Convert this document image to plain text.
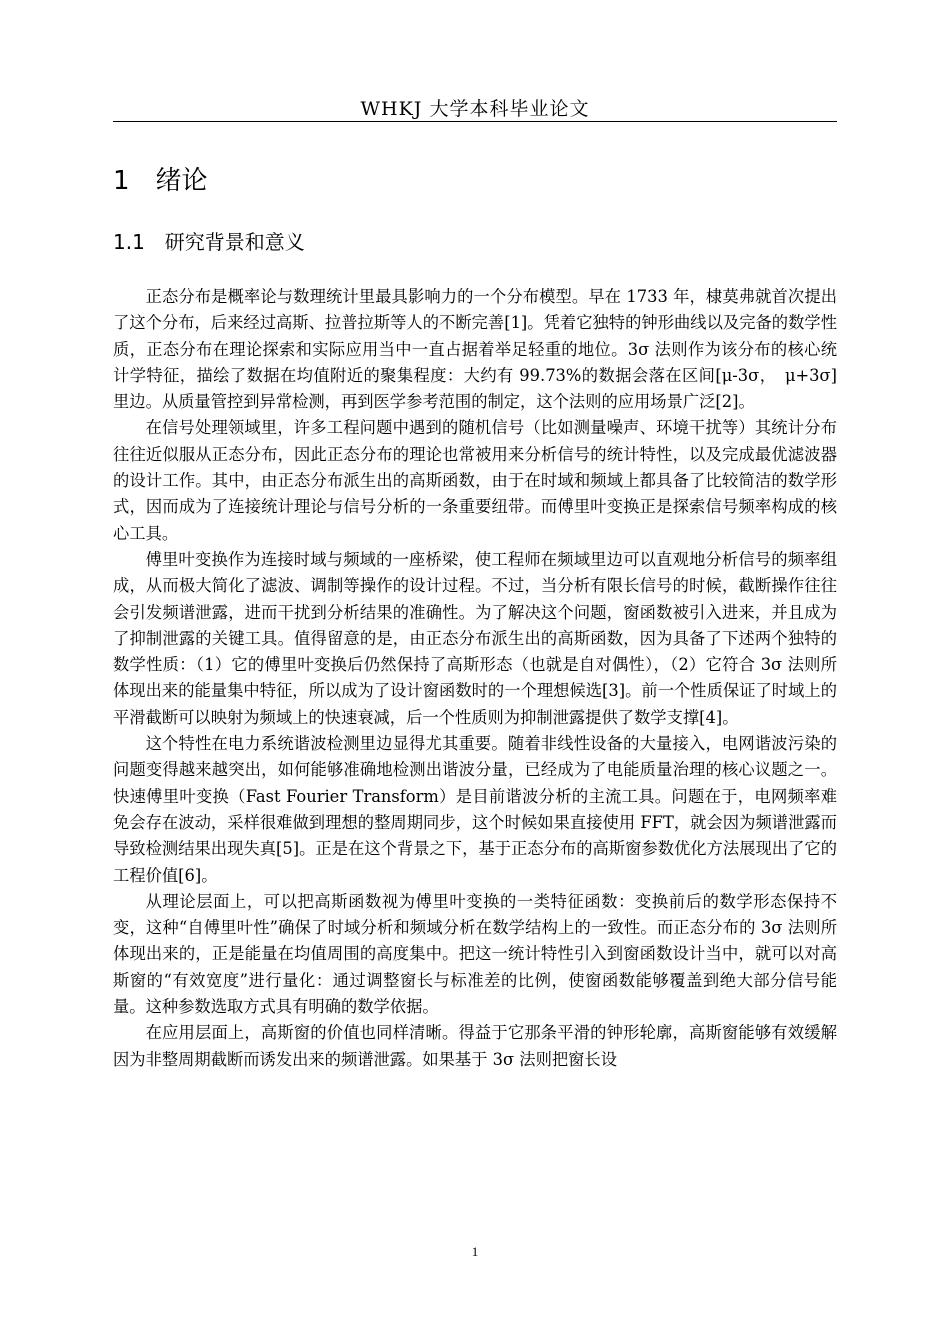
WHKJ 大学本科毕业论文
1　绪论
1.1　研究背景和意义

正态分布是概率论与数理统计里最具影响力的一个分布模型。早在 1733 年，棣莫弗就首次提出了这个分布，后来经过高斯、拉普拉斯等人的不断完善[1]。凭着它独特的钟形曲线以及完备的数学性质，正态分布在理论探索和实际应用当中一直占据着举足轻重的地位。3σ 法则作为该分布的核心统计学特征，描绘了数据在均值附近的聚集程度：大约有 99.73%的数据会落在区间[μ-3σ，　μ+3σ]里边。从质量管控到异常检测，再到医学参考范围的制定，这个法则的应用场景广泛[2]。

在信号处理领域里，许多工程问题中遇到的随机信号（比如测量噪声、环境干扰等）其统计分布往往近似服从正态分布，因此正态分布的理论也常被用来分析信号的统计特性，以及完成最优滤波器的设计工作。其中，由正态分布派生出的高斯函数，由于在时域和频域上都具备了比较简洁的数学形式，因而成为了连接统计理论与信号分析的一条重要纽带。而傅里叶变换正是探索信号频率构成的核心工具。

傅里叶变换作为连接时域与频域的一座桥梁，使工程师在频域里边可以直观地分析信号的频率组成，从而极大简化了滤波、调制等操作的设计过程。不过，当分析有限长信号的时候，截断操作往往会引发频谱泄露，进而干扰到分析结果的准确性。为了解决这个问题，窗函数被引入进来，并且成为了抑制泄露的关键工具。值得留意的是，由正态分布派生出的高斯函数，因为具备了下述两个独特的数学性质：（1）它的傅里叶变换后仍然保持了高斯形态（也就是自对偶性），（2）它符合 3σ 法则所体现出来的能量集中特征，所以成为了设计窗函数时的一个理想候选[3]。前一个性质保证了时域上的平滑截断可以映射为频域上的快速衰减，后一个性质则为抑制泄露提供了数学支撑[4]。

这个特性在电力系统谐波检测里边显得尤其重要。随着非线性设备的大量接入，电网谐波污染的问题变得越来越突出，如何能够准确地检测出谐波分量，已经成为了电能质量治理的核心议题之一。快速傅里叶变换（Fast Fourier Transform）是目前谐波分析的主流工具。问题在于，电网频率难免会存在波动，采样很难做到理想的整周期同步，这个时候如果直接使用 FFT，就会因为频谱泄露而导致检测结果出现失真[5]。正是在这个背景之下，基于正态分布的高斯窗参数优化方法展现出了它的工程价值[6]。

从理论层面上，可以把高斯函数视为傅里叶变换的一类特征函数：变换前后的数学形态保持不变，这种“自傅里叶性”确保了时域分析和频域分析在数学结构上的一致性。而正态分布的 3σ 法则所体现出来的，正是能量在均值周围的高度集中。把这一统计特性引入到窗函数设计当中，就可以对高斯窗的“有效宽度”进行量化：通过调整窗长与标准差的比例，使窗函数能够覆盖到绝大部分信号能量。这种参数选取方式具有明确的数学依据。

在应用层面上，高斯窗的价值也同样清晰。得益于它那条平滑的钟形轮廓，高斯窗能够有效缓解因为非整周期截断而诱发出来的频谱泄露。如果基于 3σ 法则把窗长设

1
